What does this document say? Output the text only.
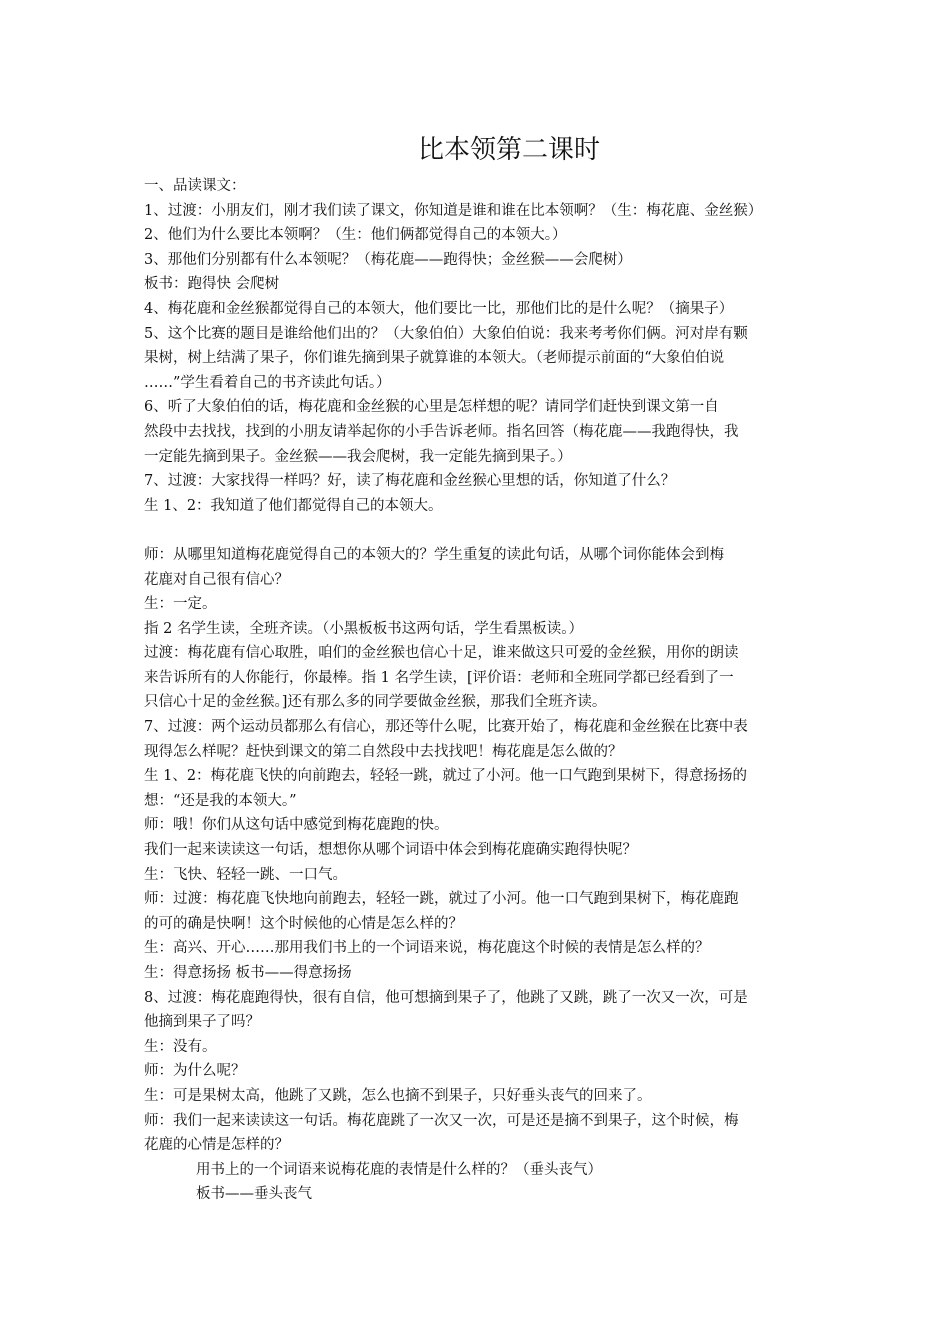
比本领第二课时
一、品读课文：
1、过渡：小朋友们，刚才我们读了课文，你知道是谁和谁在比本领啊？（生：梅花鹿、金丝猴）
2、他们为什么要比本领啊？（生：他们俩都觉得自己的本领大。）
3、那他们分别都有什么本领呢？（梅花鹿——跑得快；金丝猴——会爬树）
板书：跑得快 会爬树
4、梅花鹿和金丝猴都觉得自己的本领大，他们要比一比，那他们比的是什么呢？（摘果子）
5、这个比赛的题目是谁给他们出的？（大象伯伯）大象伯伯说：我来考考你们俩。河对岸有颗
果树，树上结满了果子，你们谁先摘到果子就算谁的本领大。（老师提示前面的“大象伯伯说
……”学生看着自己的书齐读此句话。）
6、听了大象伯伯的话，梅花鹿和金丝猴的心里是怎样想的呢？请同学们赶快到课文第一自
然段中去找找，找到的小朋友请举起你的小手告诉老师。指名回答（梅花鹿——我跑得快，我
一定能先摘到果子。金丝猴——我会爬树，我一定能先摘到果子。）
7、过渡：大家找得一样吗？好，读了梅花鹿和金丝猴心里想的话，你知道了什么？
生 1、2：我知道了他们都觉得自己的本领大。
师：从哪里知道梅花鹿觉得自己的本领大的？学生重复的读此句话，从哪个词你能体会到梅
花鹿对自己很有信心？
生：一定。
指 2 名学生读，全班齐读。（小黑板板书这两句话，学生看黑板读。）
过渡：梅花鹿有信心取胜，咱们的金丝猴也信心十足，谁来做这只可爱的金丝猴，用你的朗读
来告诉所有的人你能行，你最棒。指 1 名学生读，[评价语：老师和全班同学都已经看到了一
只信心十足的金丝猴。]还有那么多的同学要做金丝猴，那我们全班齐读。
7、过渡：两个运动员都那么有信心，那还等什么呢，比赛开始了，梅花鹿和金丝猴在比赛中表
现得怎么样呢？赶快到课文的第二自然段中去找找吧！梅花鹿是怎么做的？
生 1、2：梅花鹿飞快的向前跑去，轻轻一跳，就过了小河。他一口气跑到果树下，得意扬扬的
想：“还是我的本领大。”
师：哦！你们从这句话中感觉到梅花鹿跑的快。
我们一起来读读这一句话，想想你从哪个词语中体会到梅花鹿确实跑得快呢？
生：飞快、轻轻一跳、一口气。
师：过渡：梅花鹿飞快地向前跑去，轻轻一跳，就过了小河。他一口气跑到果树下，梅花鹿跑
的可的确是快啊！这个时候他的心情是怎么样的？
生：高兴、开心……那用我们书上的一个词语来说，梅花鹿这个时候的表情是怎么样的？
生：得意扬扬 板书——得意扬扬
8、过渡：梅花鹿跑得快，很有自信，他可想摘到果子了，他跳了又跳，跳了一次又一次，可是
他摘到果子了吗？
生：没有。
师：为什么呢？
生：可是果树太高，他跳了又跳，怎么也摘不到果子，只好垂头丧气的回来了。
师：我们一起来读读这一句话。梅花鹿跳了一次又一次，可是还是摘不到果子，这个时候，梅
花鹿的心情是怎样的？
用书上的一个词语来说梅花鹿的表情是什么样的？（垂头丧气）
板书——垂头丧气
